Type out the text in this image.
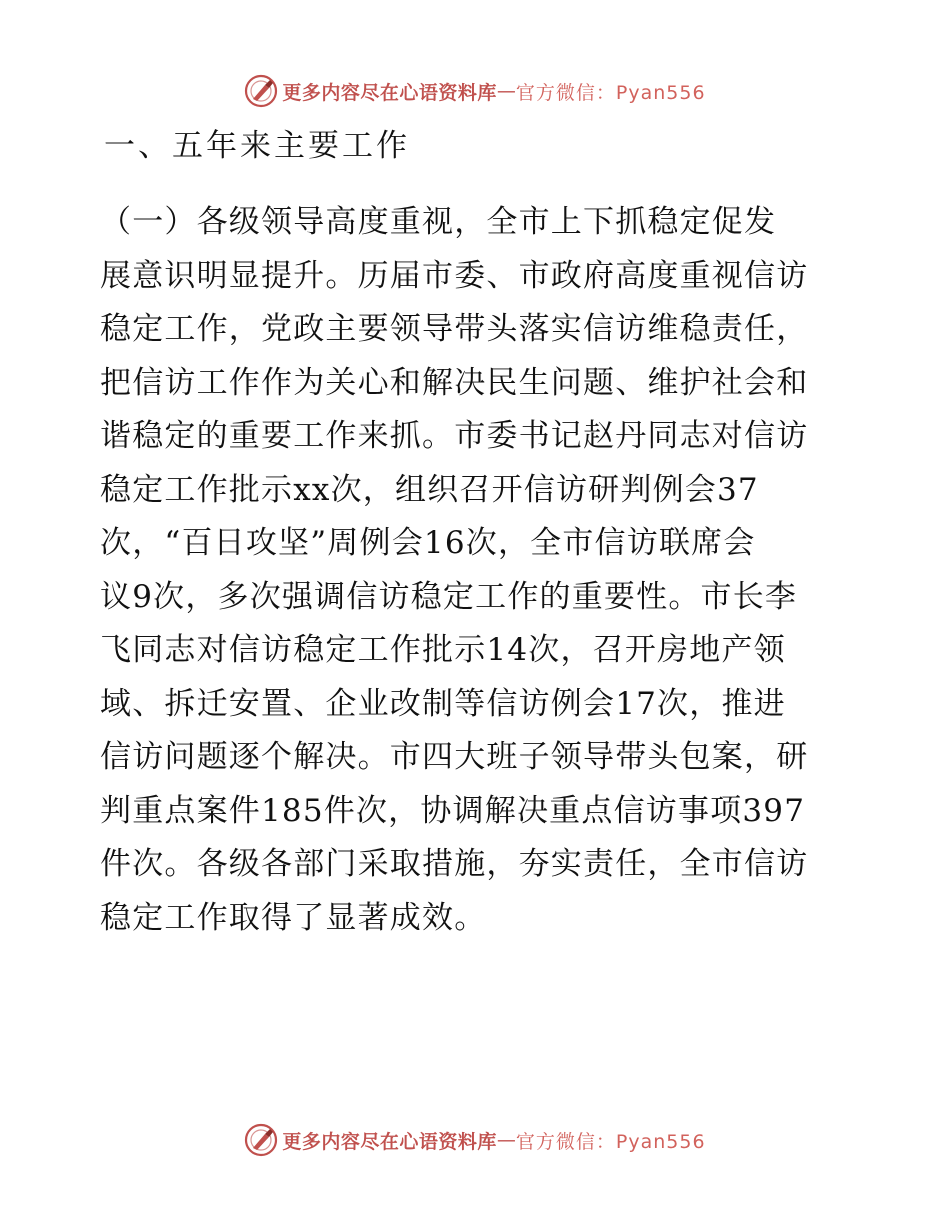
更多内容尽在心语资料库 — 官方微信：Pyan556
一、五年来主要工作
（一）各级领导高度重视，全市上下抓稳定促发
展意识明显提升。历届市委、市政府高度重视信访
稳定工作，党政主要领导带头落实信访维稳责任，
把信访工作作为关心和解决民生问题、维护社会和
谐稳定的重要工作来抓。市委书记赵丹同志对信访
稳定工作批示xx次，组织召开信访研判例会37
次，“百日攻坚”周例会16次，全市信访联席会
议9次，多次强调信访稳定工作的重要性。市长李
飞同志对信访稳定工作批示14次，召开房地产领
域、拆迁安置、企业改制等信访例会17次，推进
信访问题逐个解决。市四大班子领导带头包案，研
判重点案件185件次，协调解决重点信访事项397
件次。各级各部门采取措施，夯实责任，全市信访
稳定工作取得了显著成效。
更多内容尽在心语资料库 — 官方微信：Pyan556
